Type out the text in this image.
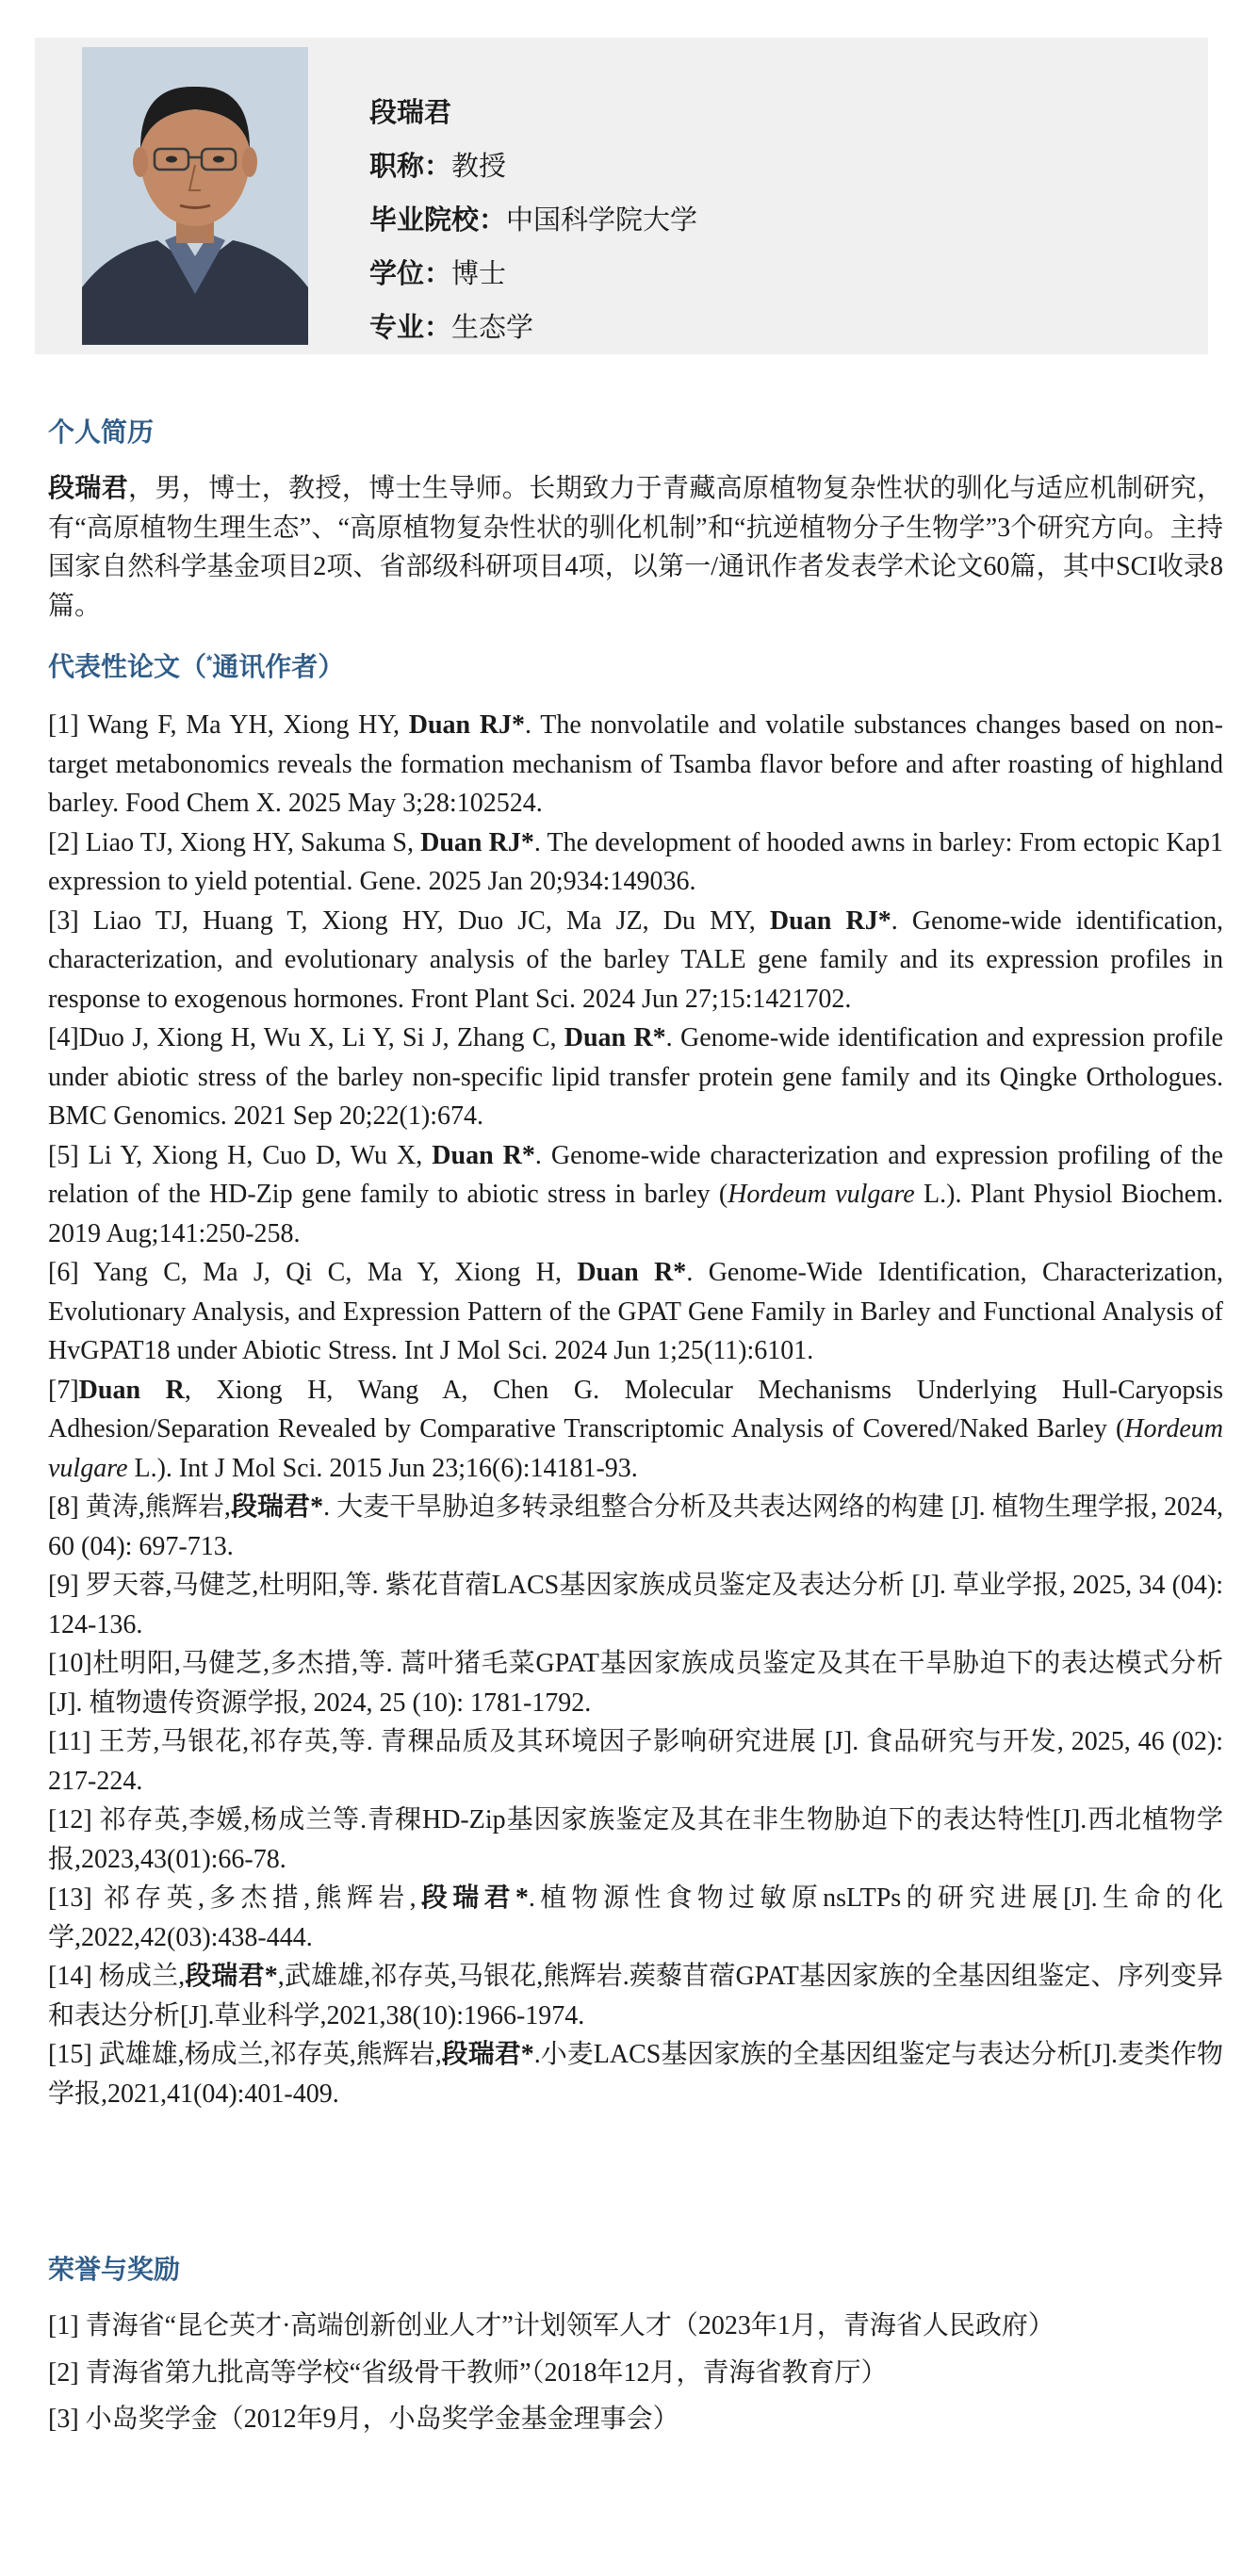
段瑞君
职称：教授
毕业院校：中国科学院大学
学位：博士
专业：生态学
个人简历
段瑞君，男，博士，教授，博士生导师。长期致力于青藏高原植物复杂性状的驯化与适应机制研究，有“高原植物生理生态”、“高原植物复杂性状的驯化机制”和“抗逆植物分子生物学”3个研究方向。主持国家自然科学基金项目2项、省部级科研项目4项，以第一/通讯作者发表学术论文60篇，其中SCI收录8篇。
代表性论文（*通讯作者）

[1] Wang F, Ma YH, Xiong HY, Duan RJ*. The nonvolatile and volatile substances changes based on non-target metabonomics reveals the formation mechanism of Tsamba flavor before and after roasting of highland barley. Food Chem X. 2025 May 3;28:102524.

[2] Liao TJ, Xiong HY, Sakuma S, Duan RJ*. The development of hooded awns in barley: From ectopic Kap1 expression to yield potential. Gene. 2025 Jan 20;934:149036.

[3] Liao TJ, Huang T, Xiong HY, Duo JC, Ma JZ, Du MY, Duan RJ*. Genome-wide identification, characterization, and evolutionary analysis of the barley TALE gene family and its expression profiles in response to exogenous hormones. Front Plant Sci. 2024 Jun 27;15:1421702.

[4]Duo J, Xiong H, Wu X, Li Y, Si J, Zhang C, Duan R*. Genome-wide identification and expression profile under abiotic stress of the barley non-specific lipid transfer protein gene family and its Qingke Orthologues. BMC Genomics. 2021 Sep 20;22(1):674.

[5] Li Y, Xiong H, Cuo D, Wu X, Duan R*. Genome-wide characterization and expression profiling of the relation of the HD-Zip gene family to abiotic stress in barley (Hordeum vulgare L.). Plant Physiol Biochem. 2019 Aug;141:250-258.

[6] Yang C, Ma J, Qi C, Ma Y, Xiong H, Duan R*. Genome-Wide Identification, Characterization, Evolutionary Analysis, and Expression Pattern of the GPAT Gene Family in Barley and Functional Analysis of HvGPAT18 under Abiotic Stress. Int J Mol Sci. 2024 Jun 1;25(11):6101.

[7]Duan R, Xiong H, Wang A, Chen G. Molecular Mechanisms Underlying Hull-Caryopsis Adhesion/Separation Revealed by Comparative Transcriptomic Analysis of Covered/Naked Barley (Hordeum vulgare L.). Int J Mol Sci. 2015 Jun 23;16(6):14181-93.

[8] 黄涛,熊辉岩,段瑞君*. 大麦干旱胁迫多转录组整合分析及共表达网络的构建 [J]. 植物生理学报, 2024, 60 (04): 697-713.

[9] 罗天蓉,马健芝,杜明阳,等. 紫花苜蓿LACS基因家族成员鉴定及表达分析 [J]. 草业学报, 2025, 34 (04): 124-136.

[10]杜明阳,马健芝,多杰措,等. 蒿叶猪毛菜GPAT基因家族成员鉴定及其在干旱胁迫下的表达模式分析 [J]. 植物遗传资源学报, 2024, 25 (10): 1781-1792.

[11] 王芳,马银花,祁存英,等. 青稞品质及其环境因子影响研究进展 [J]. 食品研究与开发, 2025, 46 (02): 217-224.

[12] 祁存英,李媛,杨成兰等.青稞HD-Zip基因家族鉴定及其在非生物胁迫下的表达特性[J].西北植物学报,2023,43(01):66-78.

[13] 祁存英,多杰措,熊辉岩,段瑞君*.植物源性食物过敏原nsLTPs的研究进展[J].生命的化学,2022,42(03):438-444.

[14] 杨成兰,段瑞君*,武雄雄,祁存英,马银花,熊辉岩.蒺藜苜蓿GPAT基因家族的全基因组鉴定、序列变异和表达分析[J].草业科学,2021,38(10):1966-1974.

[15] 武雄雄,杨成兰,祁存英,熊辉岩,段瑞君*.小麦LACS基因家族的全基因组鉴定与表达分析[J].麦类作物学报,2021,41(04):401-409.

荣誉与奖励

[1] 青海省“昆仑英才·高端创新创业人才”计划领军人才（2023年1月，青海省人民政府）

[2] 青海省第九批高等学校“省级骨干教师”（2018年12月，青海省教育厅）

[3] 小岛奖学金（2012年9月，小岛奖学金基金理事会）
